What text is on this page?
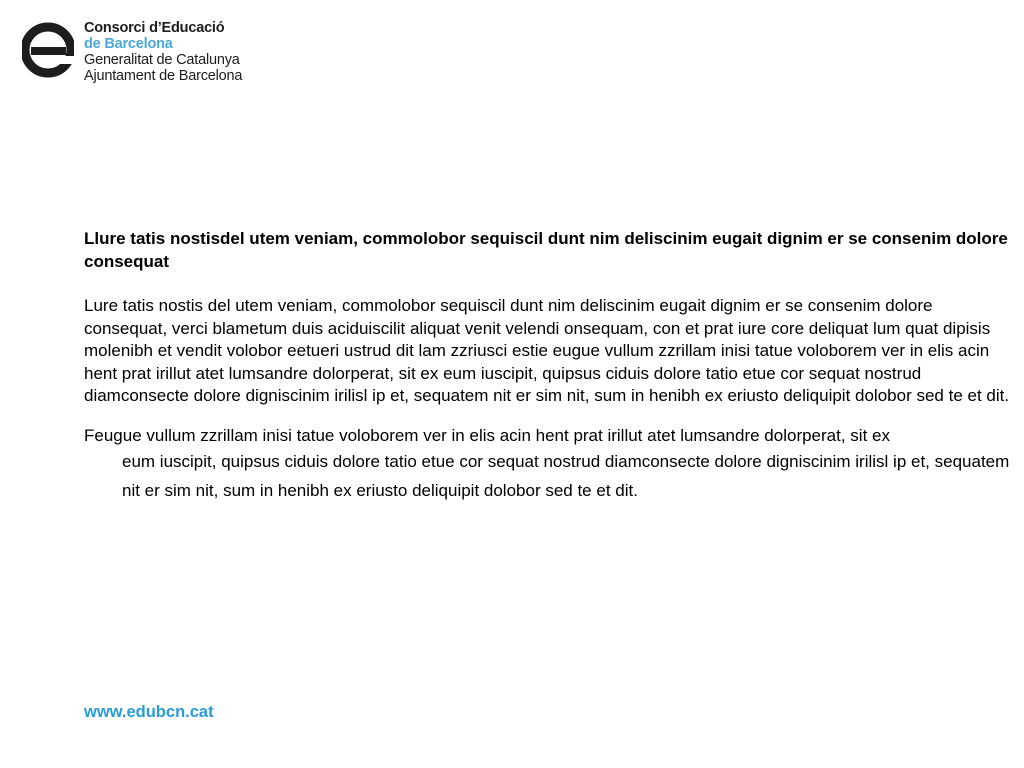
Consorci d’Educació
de Barcelona
Generalitat de Catalunya
Ajuntament de Barcelona

Llure tatis nostisdel utem veniam, commolobor sequiscil dunt nim deliscinim eugait dignim er se consenim dolore consequat

Lure tatis nostis del utem veniam, commolobor sequiscil dunt nim deliscinim eugait dignim er se consenim dolore consequat, verci blametum duis aciduiscilit aliquat venit velendi onsequam, con et prat iure core deliquat lum quat dipisis molenibh et vendit volobor eetueri ustrud dit lam zzriusci estie eugue vullum zzrillam inisi tatue voloborem ver in elis acin hent prat irillut atet lumsandre dolorperat, sit ex eum iuscipit, quipsus ciduis dolore tatio etue cor sequat nostrud diamconsecte dolore digniscinim irilisl ip et, sequatem nit er sim nit, sum in henibh ex eriusto deliquipit dolobor sed te et dit.

Feugue vullum zzrillam inisi tatue voloborem ver in elis acin hent prat irillut atet lumsandre dolorperat, sit ex
eum iuscipit, quipsus ciduis dolore tatio etue cor sequat nostrud diamconsecte dolore digniscinim irilisl ip et, sequatem nit er sim nit, sum in henibh ex eriusto deliquipit dolobor sed te et dit.

www.edubcn.cat
